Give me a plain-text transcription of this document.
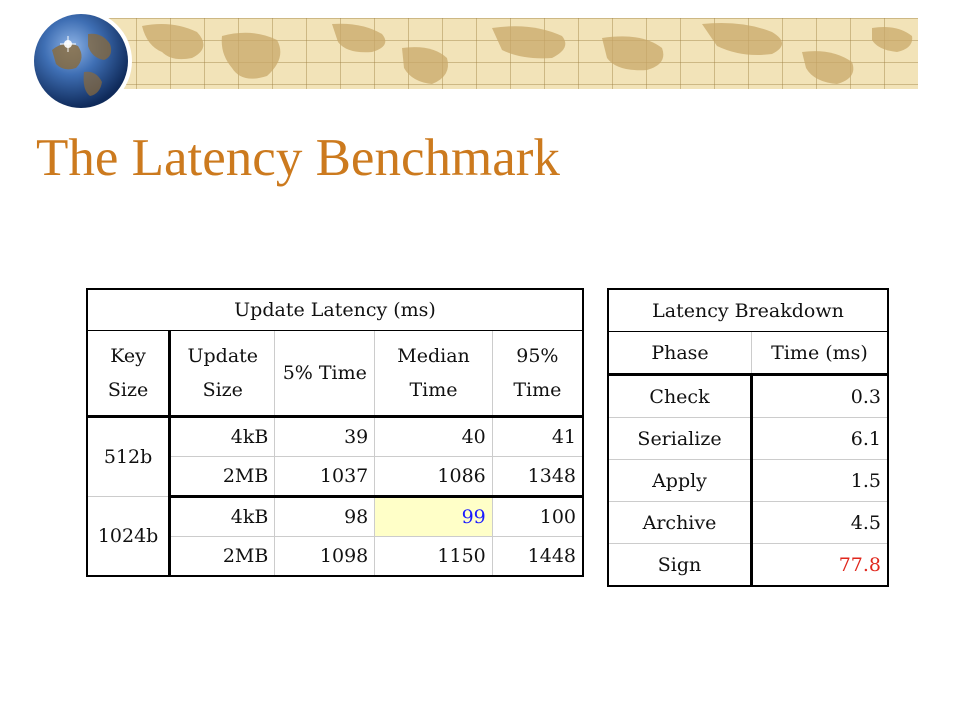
The Latency Benchmark
Update Latency (ms)				
Key Size	Update Size	5% Time	Median Time	95% Time
512b	4kB	39	40	41
	2MB	1037	1086	1348
1024b	4kB	98	99	100
	2MB	1098	1150	1448
Latency Breakdown	
Phase	Time (ms)
Check	0.3
Serialize	6.1
Apply	1.5
Archive	4.5
Sign	77.8
